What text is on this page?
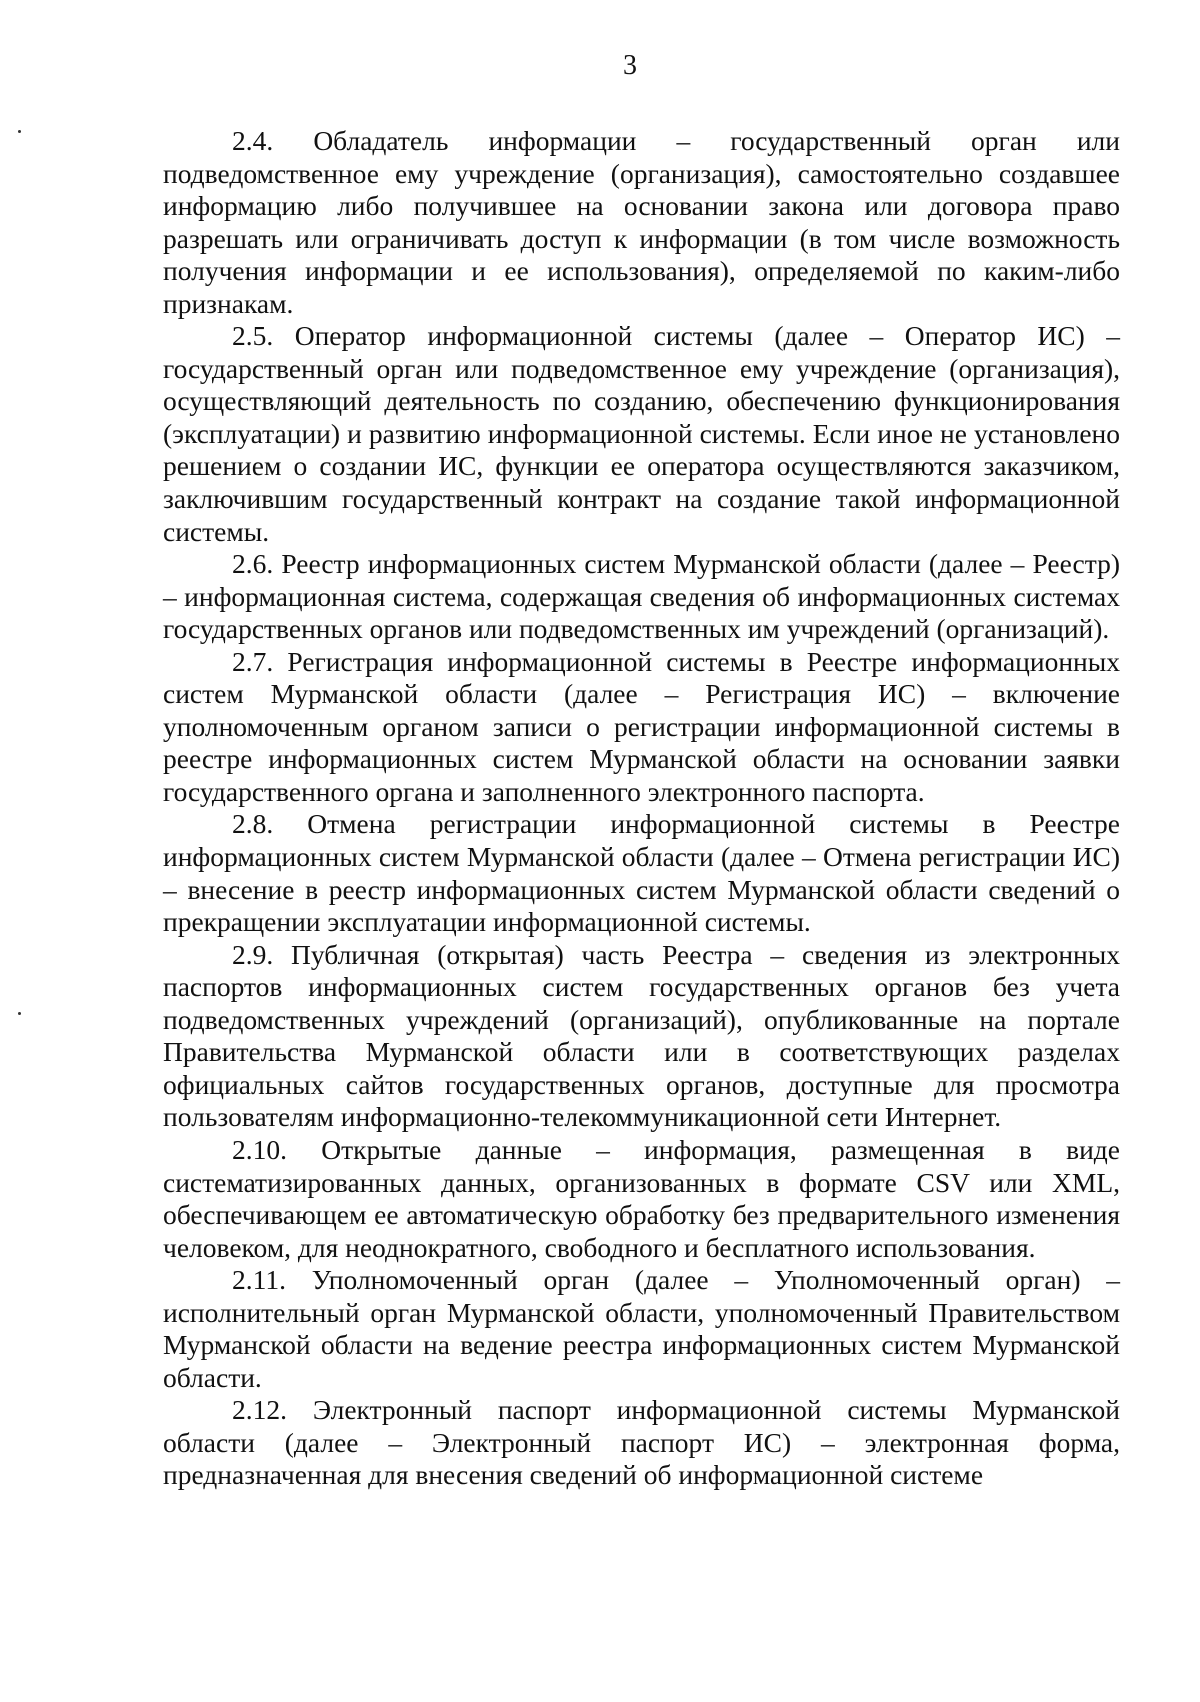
3

2.4. Обладатель информации – государственный орган или подведомственное ему учреждение (организация), самостоятельно создавшее информацию либо получившее на основании закона или договора право разрешать или ограничивать доступ к информации (в том числе возможность получения информации и ее использования), определяемой по каким-либо признакам.

2.5. Оператор информационной системы (далее – Оператор ИС) – государственный орган или подведомственное ему учреждение (организация), осуществляющий деятельность по созданию, обеспечению функционирования (эксплуатации) и развитию информационной системы. Если иное не установлено решением о создании ИС, функции ее оператора осуществляются заказчиком, заключившим государственный контракт на создание такой информационной системы.

2.6. Реестр информационных систем Мурманской области (далее – Реестр) – информационная система, содержащая сведения об информационных системах государственных органов или подведомственных им учреждений (организаций).

2.7. Регистрация информационной системы в Реестре информационных систем Мурманской области (далее – Регистрация ИС) – включение уполномоченным органом записи о регистрации информационной системы в реестре информационных систем Мурманской области на основании заявки государственного органа и заполненного электронного паспорта.

2.8. Отмена регистрации информационной системы в Реестре информационных систем Мурманской области (далее – Отмена регистрации ИС) – внесение в реестр информационных систем Мурманской области сведений о прекращении эксплуатации информационной системы.

2.9. Публичная (открытая) часть Реестра – сведения из электронных паспортов информационных систем государственных органов без учета подведомственных учреждений (организаций), опубликованные на портале Правительства Мурманской области или в соответствующих разделах официальных сайтов государственных органов, доступные для просмотра пользователям информационно-телекоммуникационной сети Интернет.

2.10. Открытые данные – информация, размещенная в виде систематизированных данных, организованных в формате CSV или XML, обеспечивающем ее автоматическую обработку без предварительного изменения человеком, для неоднократного, свободного и бесплатного использования.

2.11. Уполномоченный орган (далее – Уполномоченный орган) – исполнительный орган Мурманской области, уполномоченный Правительством Мурманской области на ведение реестра информационных систем Мурманской области.

2.12. Электронный паспорт информационной системы Мурманской области (далее – Электронный паспорт ИС) – электронная форма, предназначенная для внесения сведений об информационной системе
